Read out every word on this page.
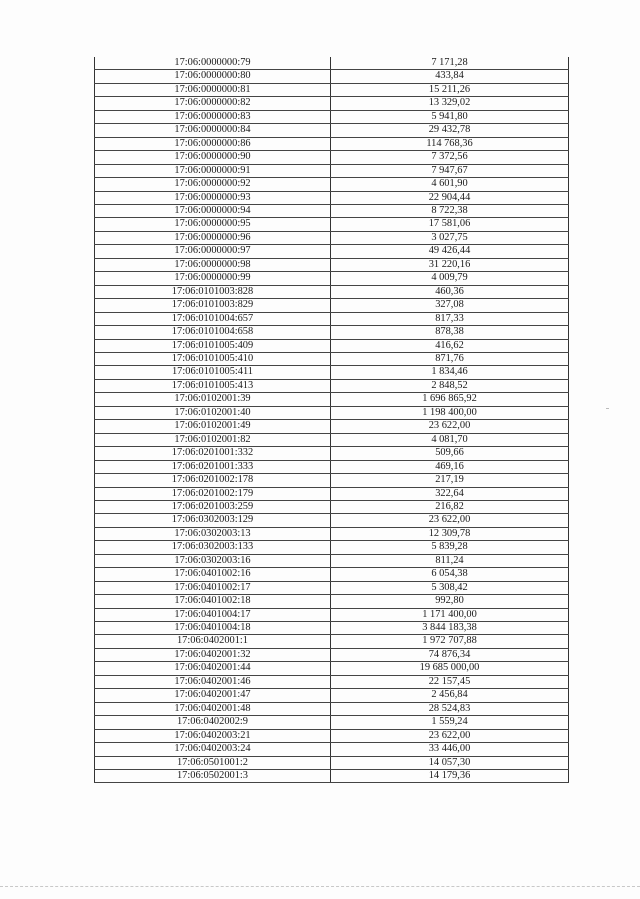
17:06:0000000:79	7 171,28
17:06:0000000:80	433,84
17:06:0000000:81	15 211,26
17:06:0000000:82	13 329,02
17:06:0000000:83	5 941,80
17:06:0000000:84	29 432,78
17:06:0000000:86	114 768,36
17:06:0000000:90	7 372,56
17:06:0000000:91	7 947,67
17:06:0000000:92	4 601,90
17:06:0000000:93	22 904,44
17:06:0000000:94	8 722,38
17:06:0000000:95	17 581,06
17:06:0000000:96	3 027,75
17:06:0000000:97	49 426,44
17:06:0000000:98	31 220,16
17:06:0000000:99	4 009,79
17:06:0101003:828	460,36
17:06:0101003:829	327,08
17:06:0101004:657	817,33
17:06:0101004:658	878,38
17:06:0101005:409	416,62
17:06:0101005:410	871,76
17:06:0101005:411	1 834,46
17:06:0101005:413	2 848,52
17:06:0102001:39	1 696 865,92
17:06:0102001:40	1 198 400,00
17:06:0102001:49	23 622,00
17:06:0102001:82	4 081,70
17:06:0201001:332	509,66
17:06:0201001:333	469,16
17:06:0201002:178	217,19
17:06:0201002:179	322,64
17:06:0201003:259	216,82
17:06:0302003:129	23 622,00
17:06:0302003:13	12 309,78
17:06:0302003:133	5 839,28
17:06:0302003:16	811,24
17:06:0401002:16	6 054,38
17:06:0401002:17	5 308,42
17:06:0401002:18	992,80
17:06:0401004:17	1 171 400,00
17:06:0401004:18	3 844 183,38
17:06:0402001:1	1 972 707,88
17:06:0402001:32	74 876,34
17:06:0402001:44	19 685 000,00
17:06:0402001:46	22 157,45
17:06:0402001:47	2 456,84
17:06:0402001:48	28 524,83
17:06:0402002:9	1 559,24
17:06:0402003:21	23 622,00
17:06:0402003:24	33 446,00
17:06:0501001:2	14 057,30
17:06:0502001:3	14 179,36
